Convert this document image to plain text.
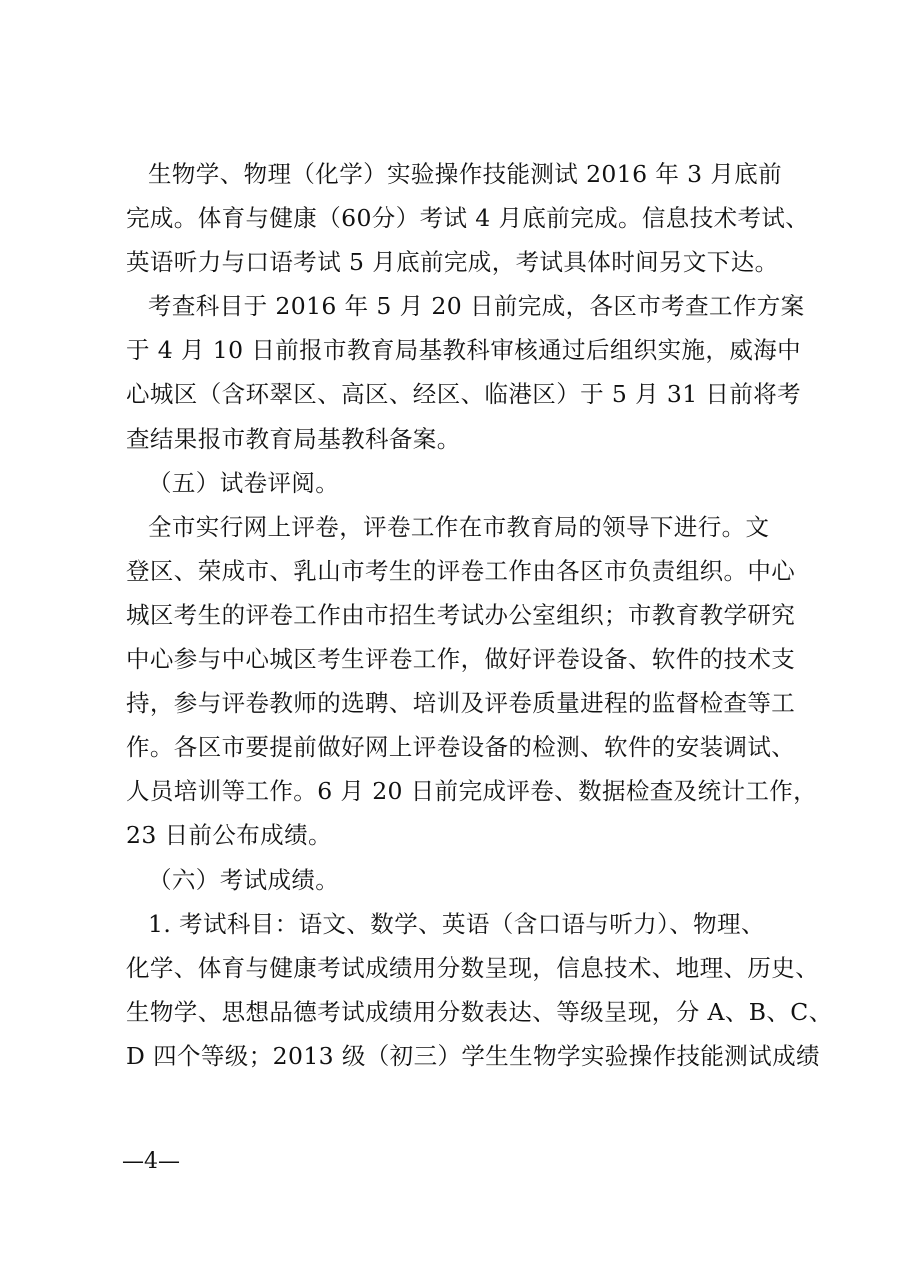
生物学、物理（化学）实验操作技能测试 2016 年 3 月底前
完成。体育与健康（60分）考试 4 月底前完成。信息技术考试、
英语听力与口语考试 5 月底前完成，考试具体时间另文下达。
考查科目于 2016 年 5 月 20 日前完成，各区市考查工作方案
于 4 月 10 日前报市教育局基教科审核通过后组织实施，威海中
心城区（含环翠区、高区、经区、临港区）于 5 月 31 日前将考
查结果报市教育局基教科备案。
（五）试卷评阅。
全市实行网上评卷，评卷工作在市教育局的领导下进行。文
登区、荣成市、乳山市考生的评卷工作由各区市负责组织。中心
城区考生的评卷工作由市招生考试办公室组织；市教育教学研究
中心参与中心城区考生评卷工作，做好评卷设备、软件的技术支
持，参与评卷教师的选聘、培训及评卷质量进程的监督检查等工
作。各区市要提前做好网上评卷设备的检测、软件的安装调试、
人员培训等工作。6 月 20 日前完成评卷、数据检查及统计工作，
23 日前公布成绩。
（六）考试成绩。
1. 考试科目：语文、数学、英语（含口语与听力）、物理、
化学、体育与健康考试成绩用分数呈现，信息技术、地理、历史、
生物学、思想品德考试成绩用分数表达、等级呈现，分 A、B、C、
D 四个等级；2013 级（初三）学生生物学实验操作技能测试成绩
—4—
